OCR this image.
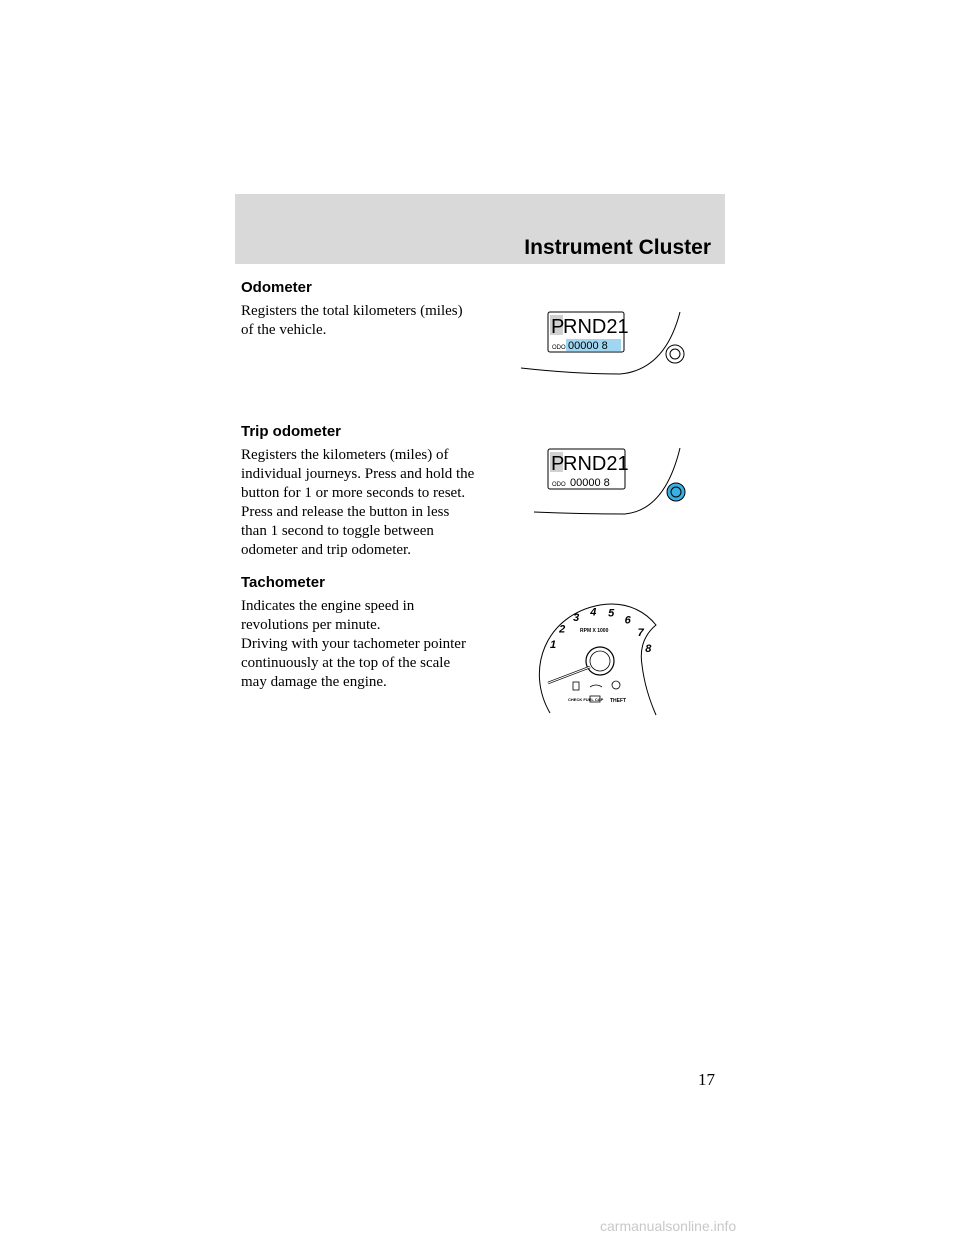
Instrument Cluster
Odometer

Registers the total kilometers (miles) of the vehicle.	P
RND21
ODO 00000 8
Trip odometer

Registers the kilometers (miles) of individual journeys. Press and hold the button for 1 or more seconds to reset. Press and release the button in less than 1 second to toggle between odometer and trip odometer.

P
RND21
ODO 00000 8
Tachometer

Indicates the engine speed in revolutions per minute.

Driving with your tachometer pointer continuously at the top of the scale may damage the engine.

RPM X 1000
1
2
3 4 5
6
7
8
CHECK FUEL CAP THEFT
17
carmanualsonline.info
